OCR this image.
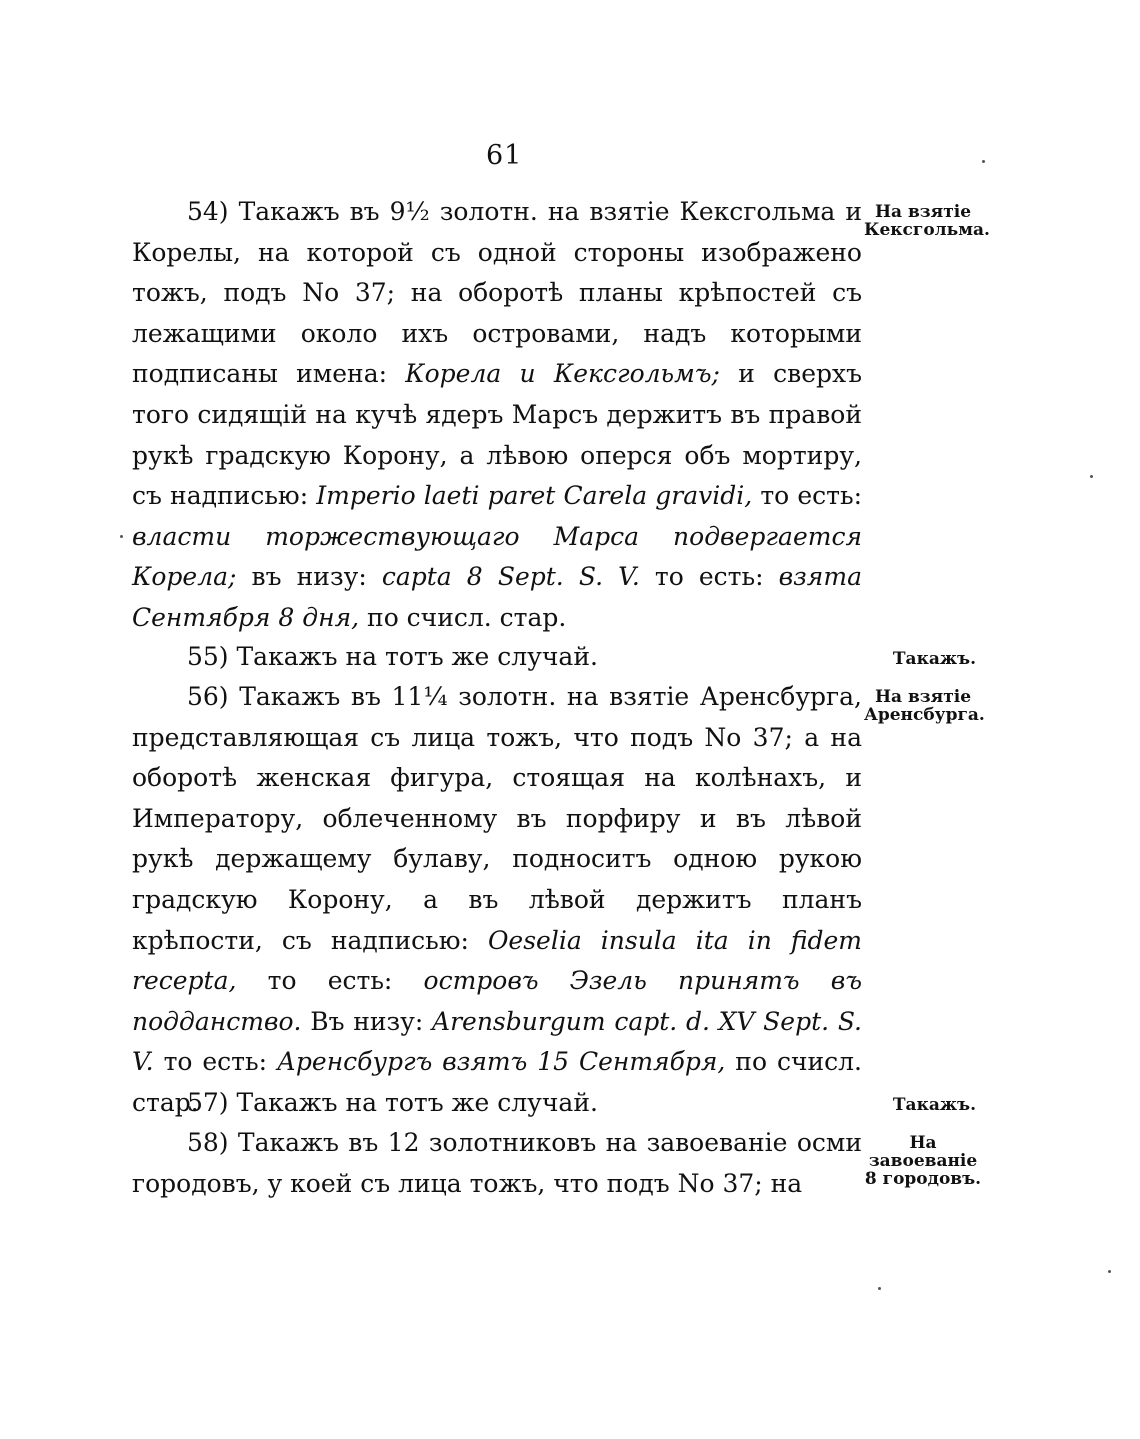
61

54) Такажъ въ 9½ золотн. на взятіе Кексгольма и Корелы, на которой съ одной стороны изображено тожъ, подъ No 37; на оборотѣ планы крѣпостей съ лежащими около ихъ островами, надъ которыми подписаны имена: Корела и Кексгольмъ; и сверхъ того сидящій на кучѣ ядеръ Марсъ держитъ въ правой рукѣ градскую Корону, а лѣвою оперся объ мортиру, съ надписью: Imperio laeti paret Carela gravidi, то есть: власти торжествующаго Марса подвергается Корела; въ низу: capta 8 Sept. S. V. то есть: взята Сентября 8 дня, по счисл. стар.

На взятіе Кексгольма.

55) Такажъ на тотъ же случай.	Такажъ.

56) Такажъ въ 11¼ золотн. на взятіе Аренсбурга, представляющая съ лица тожъ, что подъ No 37; а на оборотѣ женская фигура, стоящая на колѣнахъ, и Императору, облеченному въ порфиру и въ лѣвой рукѣ держащему булаву, подноситъ одною рукою градскую Корону, а въ лѣвой держитъ планъ крѣпости, съ надписью: Oeselia insula ita in fidem recepta, то есть: островъ Эзель принятъ въ подданство. Въ низу: Arensburgum capt. d. XV Sept. S. V. то есть: Аренсбургъ взятъ 15 Сентября, по счисл. стар.

На взятіе Аренсбурга.

57) Такажъ на тотъ же случай.	Такажъ.

58) Такажъ въ 12 золотниковъ на завоеваніе осми городовъ, у коей съ лица тожъ, что подъ No 37; на

На завоеваніе 8 городовъ.
